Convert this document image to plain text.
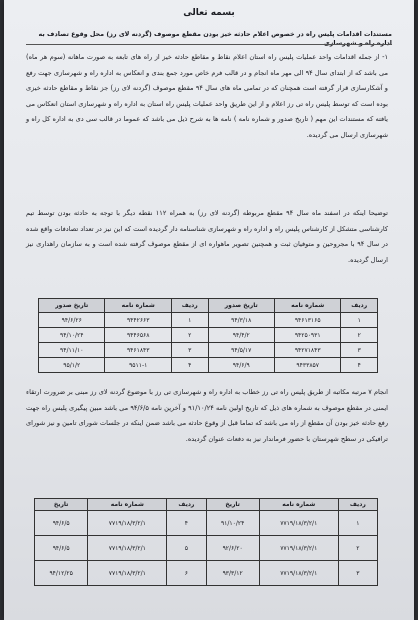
بسمه تعالی
مستندات اقدامات پلیس راه در خصوص اعلام حادثه خیز بودن مقطع موصوف (گردنه لای رز) محل وقوع تصادف به اداره راه و شهرسازی
۱- از جمله اقدامات واحد عملیات پلیس راه استان اعلام نقاط و مقاطع حادثه خیز از راه های تابعه به صورت ماهانه (سوم هر ماه) می باشد که از ابتدای سال ۹۴ الی مهر ماه انجام و در قالب فرم خاص مورد جمع بندی و انعکاس به اداره راه و شهرسازی جهت رفع و آشکارسازی قرار گرفته است همچنان که در تمامی ماه های سال ۹۴ مقطع موصوف (گردنه لای رز) جز نقاط و مقاطع حادثه خیزی بوده است که توسط پلیس راه تی رز اعلام و از این طریق واحد عملیات پلیس راه استان به اداره راه و شهرسازی استان انعکاس می یافته که مستندات این مهم ( تاریخ صدور و شماره نامه ) نامه ها به شرح ذیل می باشد که عموما در قالب سی دی به اداره کل راه و شهرسازی ارسال می گردیده.
توضیحا اینکه در اسفند ماه سال ۹۴ مقطع مربوطه (گردنه لای رز) به همراه ۱۱۲ نقطه دیگر با توجه به حادثه بودن توسط تیم کارشناسی متشکل از کارشناس پلیس راه و اداره راه و شهرسازی شناسنامه دار گردیده است که این نیز در تعداد تصادفات واقع شده در سال ۹۴ با مجروحین و متوفیان ثبت و همچنین تصویر ماهواره ای از مقطع موصوف گرفته شده است و به سازمان راهداری نیز ارسال گردیده.
ردیف	شماره نامه	تاریخ صدور	ردیف	شماره نامه	تاریخ صدور
۱	۹۴۶۱۳۱۶۵	۹۴/۳/۱۸	۱	۹۴۴۲۶۶۳	۹۴/۶/۲۶
۲	۹۴۲۵۰۹۳۱	۹۴/۴/۲	۲	۹۴۴۶۵۶۸	۹۴/۱۰/۲۴
۳	۹۴۲۷۱۸۴۳	۹۴/۵/۱۷	۳	۹۴۶۱۸۴۳	۹۴/۱۱/۱۰
۴	۹۴۳۳۸۵۷	۹۴/۶/۹	۴	۹۵۱۱-۱	۹۵/۱/۲
انجام ۷ مرتبه مکاتبه از طریق پلیس راه تی رز خطاب به اداره راه و شهرسازی تی رز با موضوع گردنه لای رز مبنی بر ضرورت ارتقاء ایمنی در مقطع موصوف به شماره های ذیل که تاریخ اولین نامه ۹۱/۱۰/۲۴ و آخرین نامه ۹۴/۶/۵ می باشد مبین پیگیری پلیس راه جهت رفع حادثه خیز بودن آن مقطع از راه می باشد که تماما قبل از وقوع حادثه می باشد ضمن اینکه در جلسات شورای تامین و نیز شورای ترافیکی در سطح شهرستان با حضور فرماندار نیز به دفعات عنوان گردیده.
ردیف	شماره نامه	تاریخ	ردیف	شماره نامه	تاریخ
۱	۷۷۱۹/۱۸/۳/۲/۱	۹۱/۱۰/۲۴	۴	۷۷۱۹/۱۸/۳/۲/۱	۹۴/۶/۵
۲	۷۷۱۹/۱۸/۳/۲/۱	۹۲/۶/۲۰	۵	۷۷۱۹/۱۸/۳/۲/۱	۹۴/۶/۵
۳	۷۷۱۹/۱۸/۳/۲/۱	۹۳/۳/۱۲	۶	۷۷۱۹/۱۸/۳/۲/۱	۹۴/۱۲/۲۵
